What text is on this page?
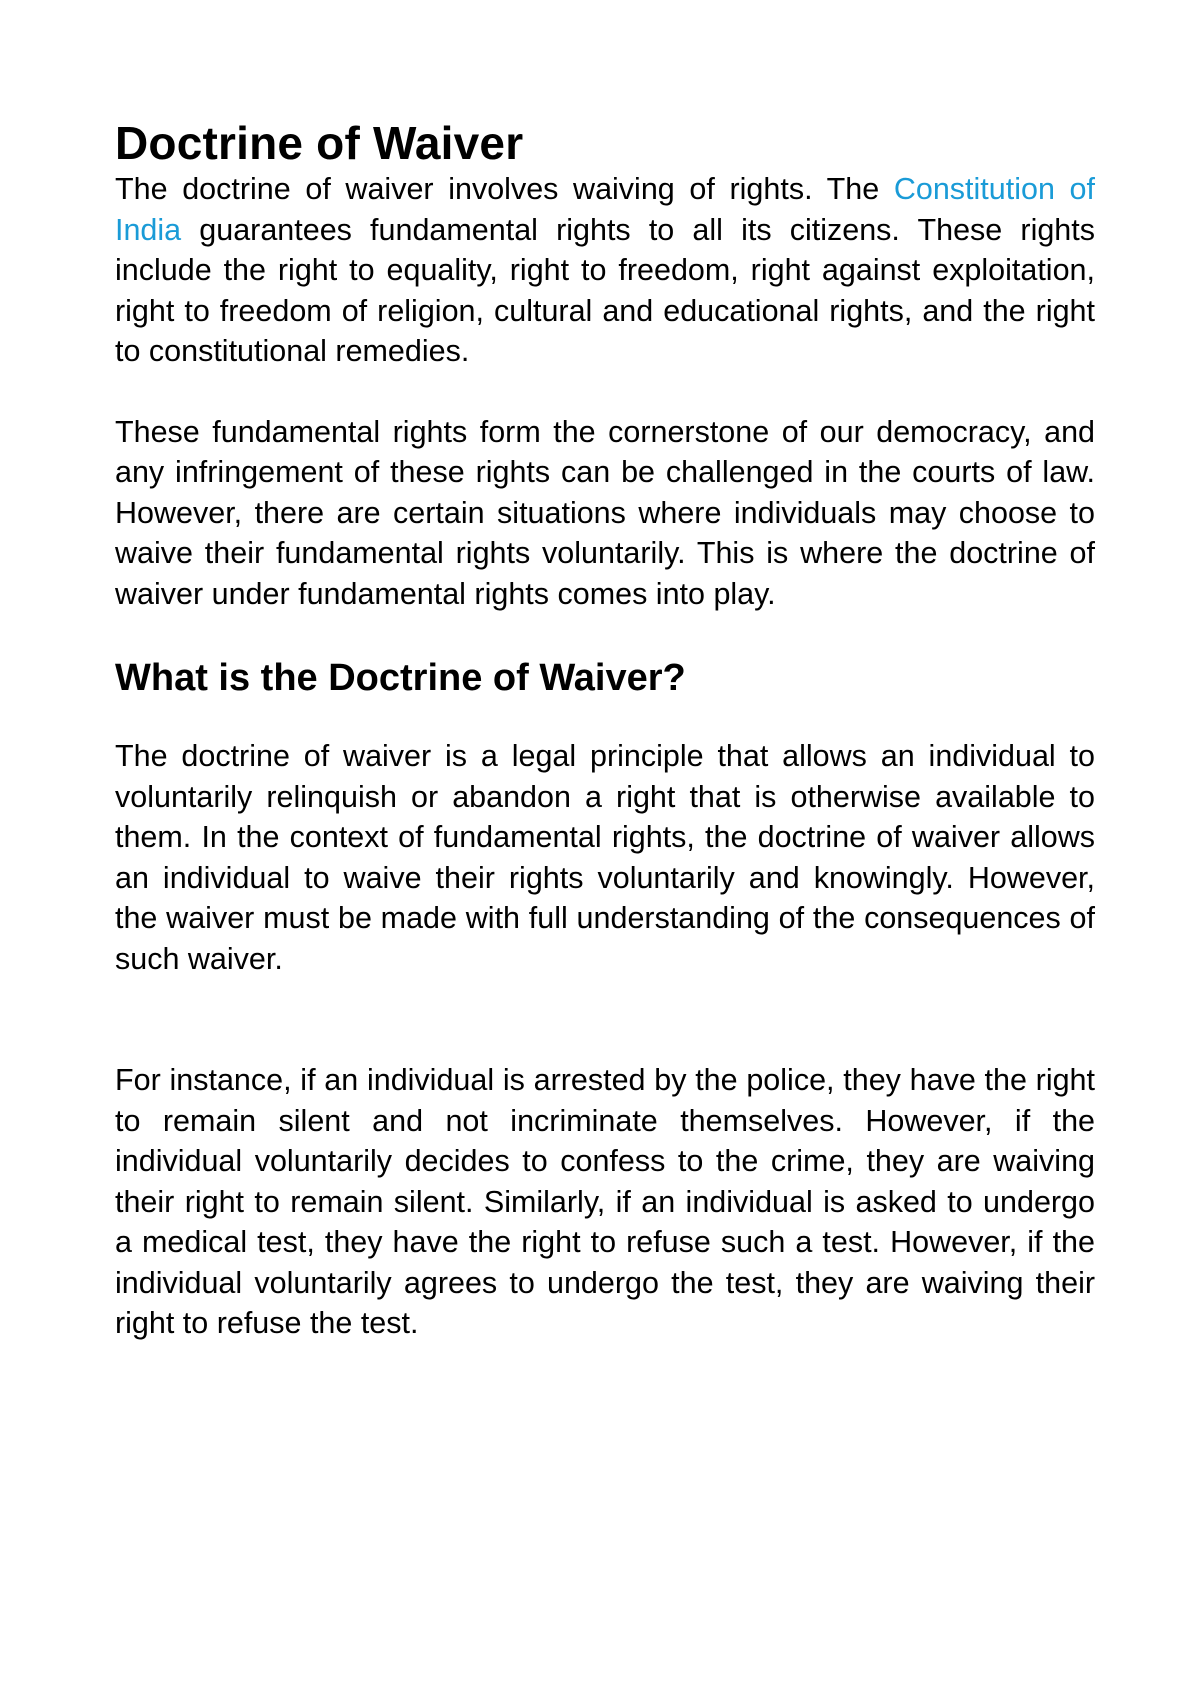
Doctrine of Waiver

The doctrine of waiver involves waiving of rights. The Constitution of India guarantees fundamental rights to all its citizens. These rights include the right to equality, right to freedom, right against exploitation, right to freedom of religion, cultural and educational rights, and the right to constitutional remedies.

These fundamental rights form the cornerstone of our democracy, and any infringement of these rights can be challenged in the courts of law. However, there are certain situations where individuals may choose to waive their fundamental rights voluntarily. This is where the doctrine of waiver under fundamental rights comes into play.

What is the Doctrine of Waiver?

The doctrine of waiver is a legal principle that allows an individual to voluntarily relinquish or abandon a right that is otherwise available to them. In the context of fundamental rights, the doctrine of waiver allows an individual to waive their rights voluntarily and knowingly. However, the waiver must be made with full understanding of the consequences of such waiver.

For instance, if an individual is arrested by the police, they have the right to remain silent and not incriminate themselves. However, if the individual voluntarily decides to confess to the crime, they are waiving their right to remain silent. Similarly, if an individual is asked to undergo a medical test, they have the right to refuse such a test. However, if the individual voluntarily agrees to undergo the test, they are waiving their right to refuse the test.
